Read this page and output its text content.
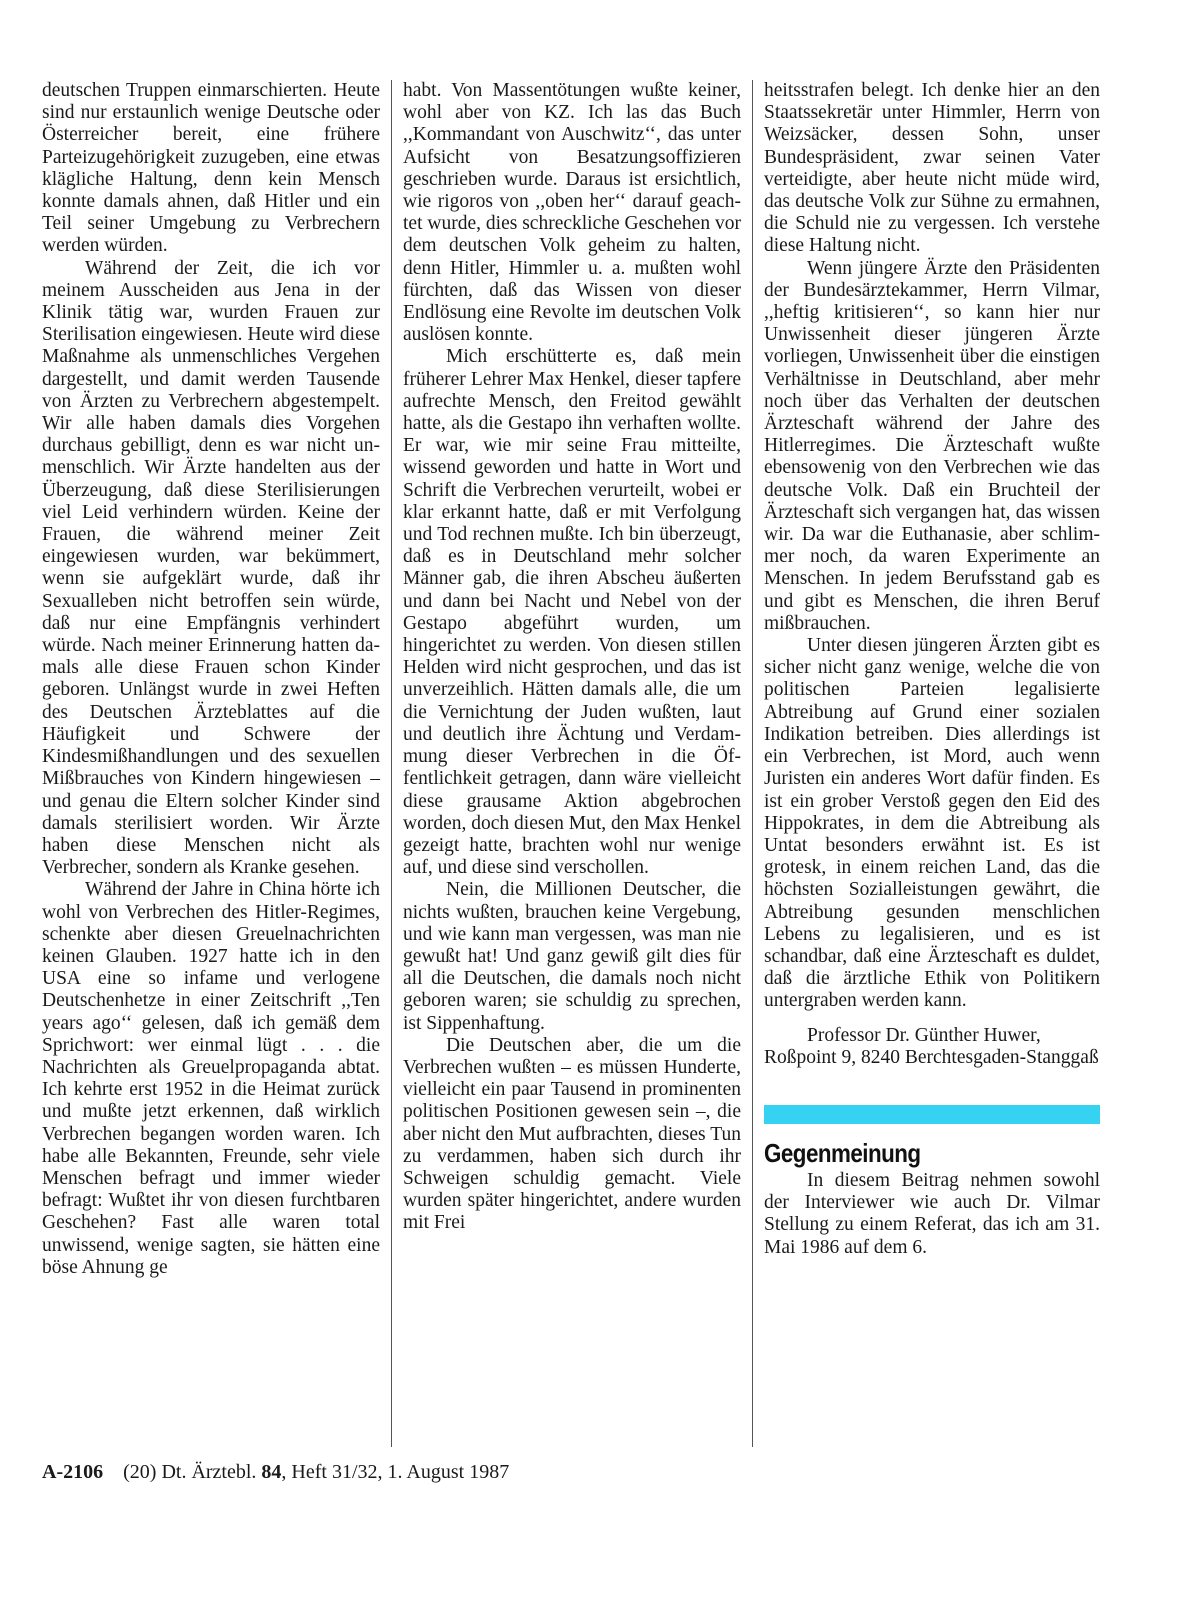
deutschen Truppen einmarschierten. Heute sind nur erstaunlich wenige Deutsche oder Österreicher bereit, eine frühere Parteizugehörigkeit zuzugeben, eine etwas klägliche Haltung, denn kein Mensch konnte damals ahnen, daß Hitler und ein Teil seiner Umgebung zu Verbrechern werden würden.

Während der Zeit, die ich vor meinem Ausscheiden aus Jena in der Klinik tätig war, wurden Frauen zur Sterilisation eingewiesen. Heute wird diese Maßnahme als unmenschliches Vergehen dargestellt, und damit werden Tausende von Ärzten zu Verbrechern abgestempelt. Wir alle haben damals dies Vorgehen durchaus gebilligt, denn es war nicht unmenschlich. Wir Ärzte handelten aus der Überzeugung, daß diese Sterilisierungen viel Leid verhindern würden. Keine der Frauen, die während meiner Zeit eingewiesen wurden, war bekümmert, wenn sie aufgeklärt wurde, daß ihr Sexualleben nicht betroffen sein würde, daß nur eine Empfängnis verhindert würde. Nach meiner Erinnerung hatten damals alle diese Frauen schon Kinder geboren. Unlängst wurde in zwei Heften des Deutschen Ärzteblattes auf die Häufigkeit und Schwere der Kindesmißhandlungen und des sexuellen Mißbrauches von Kindern hingewiesen – und genau die Eltern solcher Kinder sind damals sterilisiert worden. Wir Ärzte haben diese Menschen nicht als Verbrecher, sondern als Kranke gesehen.

Während der Jahre in China hörte ich wohl von Verbrechen des Hitler-Regimes, schenkte aber diesen Greuelnachrichten keinen Glauben. 1927 hatte ich in den USA eine so infame und verlogene Deutschenhetze in einer Zeitschrift ,,Ten years ago‘‘ gelesen, daß ich gemäß dem Sprichwort: wer einmal lügt . . . die Nachrichten als Greuelpropaganda abtat. Ich kehrte erst 1952 in die Heimat zurück und mußte jetzt erkennen, daß wirklich Verbrechen begangen worden waren. Ich habe alle Bekannten, Freunde, sehr viele Menschen befragt und immer wieder befragt: Wußtet ihr von diesen furchtbaren Geschehen? Fast alle waren total unwissend, wenige sagten, sie hätten eine böse Ahnung ge

habt. Von Massentötungen wußte keiner, wohl aber von KZ. Ich las das Buch ,,Kommandant von Auschwitz‘‘, das unter Aufsicht von Besatzungsoffizieren geschrieben wurde. Daraus ist ersichtlich, wie rigoros von ,,oben her‘‘ darauf geachtet wurde, dies schreckliche Geschehen vor dem deutschen Volk geheim zu halten, denn Hitler, Himmler u. a. mußten wohl fürchten, daß das Wissen von dieser Endlösung eine Revolte im deutschen Volk auslösen konnte.

Mich erschütterte es, daß mein früherer Lehrer Max Henkel, dieser tapfere aufrechte Mensch, den Freitod gewählt hatte, als die Gestapo ihn verhaften wollte. Er war, wie mir seine Frau mitteilte, wissend geworden und hatte in Wort und Schrift die Verbrechen verurteilt, wobei er klar erkannt hatte, daß er mit Verfolgung und Tod rechnen mußte. Ich bin überzeugt, daß es in Deutschland mehr solcher Männer gab, die ihren Abscheu äußerten und dann bei Nacht und Nebel von der Gestapo abgeführt wurden, um hingerichtet zu werden. Von diesen stillen Helden wird nicht gesprochen, und das ist unverzeihlich. Hätten damals alle, die um die Vernichtung der Juden wußten, laut und deutlich ihre Ächtung und Verdammung dieser Verbrechen in die Öffentlichkeit getragen, dann wäre vielleicht diese grausame Aktion abgebrochen worden, doch diesen Mut, den Max Henkel gezeigt hatte, brachten wohl nur wenige auf, und diese sind verschollen.

Nein, die Millionen Deutscher, die nichts wußten, brauchen keine Vergebung, und wie kann man vergessen, was man nie gewußt hat! Und ganz gewiß gilt dies für all die Deutschen, die damals noch nicht geboren waren; sie schuldig zu sprechen, ist Sippenhaftung.

Die Deutschen aber, die um die Verbrechen wußten – es müssen Hunderte, vielleicht ein paar Tausend in prominenten politischen Positionen gewesen sein –, die aber nicht den Mut aufbrachten, dieses Tun zu verdammen, haben sich durch ihr Schweigen schuldig gemacht. Viele wurden später hingerichtet, andere wurden mit Frei

heitsstrafen belegt. Ich denke hier an den Staatssekretär unter Himmler, Herrn von Weizsäcker, dessen Sohn, unser Bundespräsident, zwar seinen Vater verteidigte, aber heute nicht müde wird, das deutsche Volk zur Sühne zu ermahnen, die Schuld nie zu vergessen. Ich verstehe diese Haltung nicht.

Wenn jüngere Ärzte den Präsidenten der Bundesärztekammer, Herrn Vilmar, ,,heftig kritisieren‘‘, so kann hier nur Unwissenheit dieser jüngeren Ärzte vorliegen, Unwissenheit über die einstigen Verhältnisse in Deutschland, aber mehr noch über das Verhalten der deutschen Ärzteschaft während der Jahre des Hitlerregimes. Die Ärzteschaft wußte ebensowenig von den Verbrechen wie das deutsche Volk. Daß ein Bruchteil der Ärzteschaft sich vergangen hat, das wissen wir. Da war die Euthanasie, aber schlimmer noch, da waren Experimente an Menschen. In jedem Berufsstand gab es und gibt es Menschen, die ihren Beruf mißbrauchen.

Unter diesen jüngeren Ärzten gibt es sicher nicht ganz wenige, welche die von politischen Parteien legalisierte Abtreibung auf Grund einer sozialen Indikation betreiben. Dies allerdings ist ein Verbrechen, ist Mord, auch wenn Juristen ein anderes Wort dafür finden. Es ist ein grober Verstoß gegen den Eid des Hippokrates, in dem die Abtreibung als Untat besonders erwähnt ist. Es ist grotesk, in einem reichen Land, das die höchsten Sozialleistungen gewährt, die Abtreibung gesunden menschlichen Lebens zu legalisieren, und es ist schandbar, daß eine Ärzteschaft es duldet, daß die ärztliche Ethik von Politikern untergraben werden kann.

Professor Dr. Günther Huwer,

Roßpoint 9, 8240 Berchtesgaden-Stanggaß

Gegenmeinung

In diesem Beitrag nehmen sowohl der Interviewer wie auch Dr. Vilmar Stellung zu einem Referat, das ich am 31. Mai 1986 auf dem 6.

A-2106 (20) Dt. Ärztebl. 84, Heft 31/32, 1. August 1987
